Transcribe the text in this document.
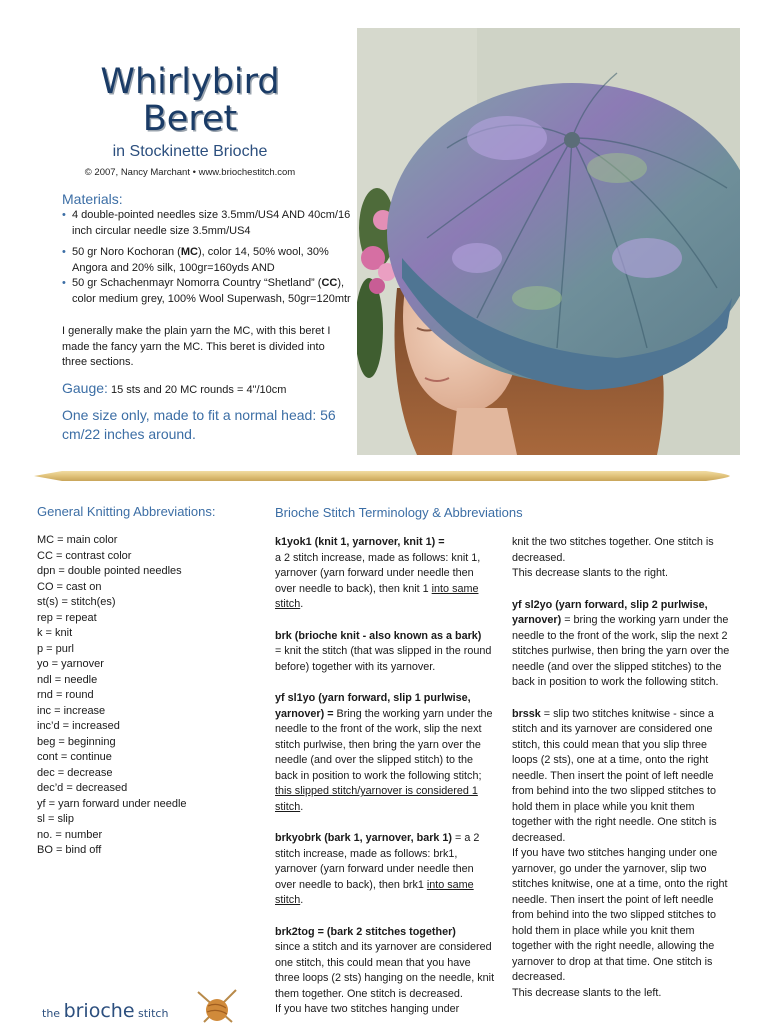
Whirlybird
Beret
in Stockinette Brioche
© 2007, Nancy Marchant • www.briochestitch.com
Materials:
• 4 double-pointed needles size 3.5mm/US4 AND 40cm/16 inch circular needle size 3.5mm/US4
• 50 gr Noro Kochoran (MC), color 14, 50% wool, 30% Angora and 20% silk, 100gr=160yds AND
• 50 gr Schachenmayr Nomorra Country “Shetland” (CC), color medium grey, 100% Wool Superwash, 50gr=120mtr
I generally make the plain yarn the MC, with this beret I made the fancy yarn the MC. This beret is divided into three sections.
Gauge: 15 sts and 20 MC rounds = 4"/10cm
One size only, made to fit a normal head: 56 cm/22 inches around.
General Knitting Abbreviations:
MC = main color
CC = contrast color
dpn = double pointed needles
CO = cast on
st(s) = stitch(es)
rep = repeat
k = knit
p = purl
yo = yarnover
ndl = needle
rnd = round
inc = increase
inc’d = increased
beg = beginning
cont = continue
dec = decrease
dec’d = decreased
yf = yarn forward under needle
sl = slip
no. = number
BO = bind off
Brioche Stitch Terminology & Abbreviations

k1yok1 (knit 1, yarnover, knit 1) =
a 2 stitch increase, made as follows: knit 1, yarnover (yarn forward under needle then over needle to back), then knit 1 into same stitch.

brk (brioche knit - also known as a bark)
= knit the stitch (that was slipped in the round before) together with its yarnover.

yf sl1yo (yarn forward, slip 1 purlwise, yarnover) = Bring the working yarn under the needle to the front of the work, slip the next stitch purlwise, then bring the yarn over the needle (and over the slipped stitch) to the back in position to work the following stitch; this slipped stitch/yarnover is considered 1 stitch.

brkyobrk (bark 1, yarnover, bark 1) = a 2 stitch increase, made as follows: brk1, yarnover (yarn forward under needle then over needle to back), then brk1 into same stitch.

brk2tog = (bark 2 stitches together)
since a stitch and its yarnover are considered one stitch, this could mean that you have three loops (2 sts) hanging on the needle, knit them together. One stitch is decreased.
If you have two stitches hanging under

knit the two stitches together. One stitch is decreased.
This decrease slants to the right.

yf sl2yo (yarn forward, slip 2 purlwise, yarnover) = bring the working yarn under the needle to the front of the work, slip the next 2 stitches purlwise, then bring the yarn over the needle (and over the slipped stitches) to the back in position to work the following stitch.

brssk = slip two stitches knitwise - since a stitch and its yarnover are considered one stitch, this could mean that you slip three loops (2 sts), one at a time, onto the right needle. Then insert the point of left needle from behind into the two slipped stitches to hold them in place while you knit them together with the right needle. One stitch is decreased.
If you have two stitches hanging under one yarnover, go under the yarnover, slip two stitches knitwise, one at a time, onto the right needle. Then insert the point of left needle from behind into the two slipped stitches to hold them in place while you knit them together with the right needle, allowing the yarnover to drop at that time. One stitch is decreased.
This decrease slants to the left.

the brioche stitch
